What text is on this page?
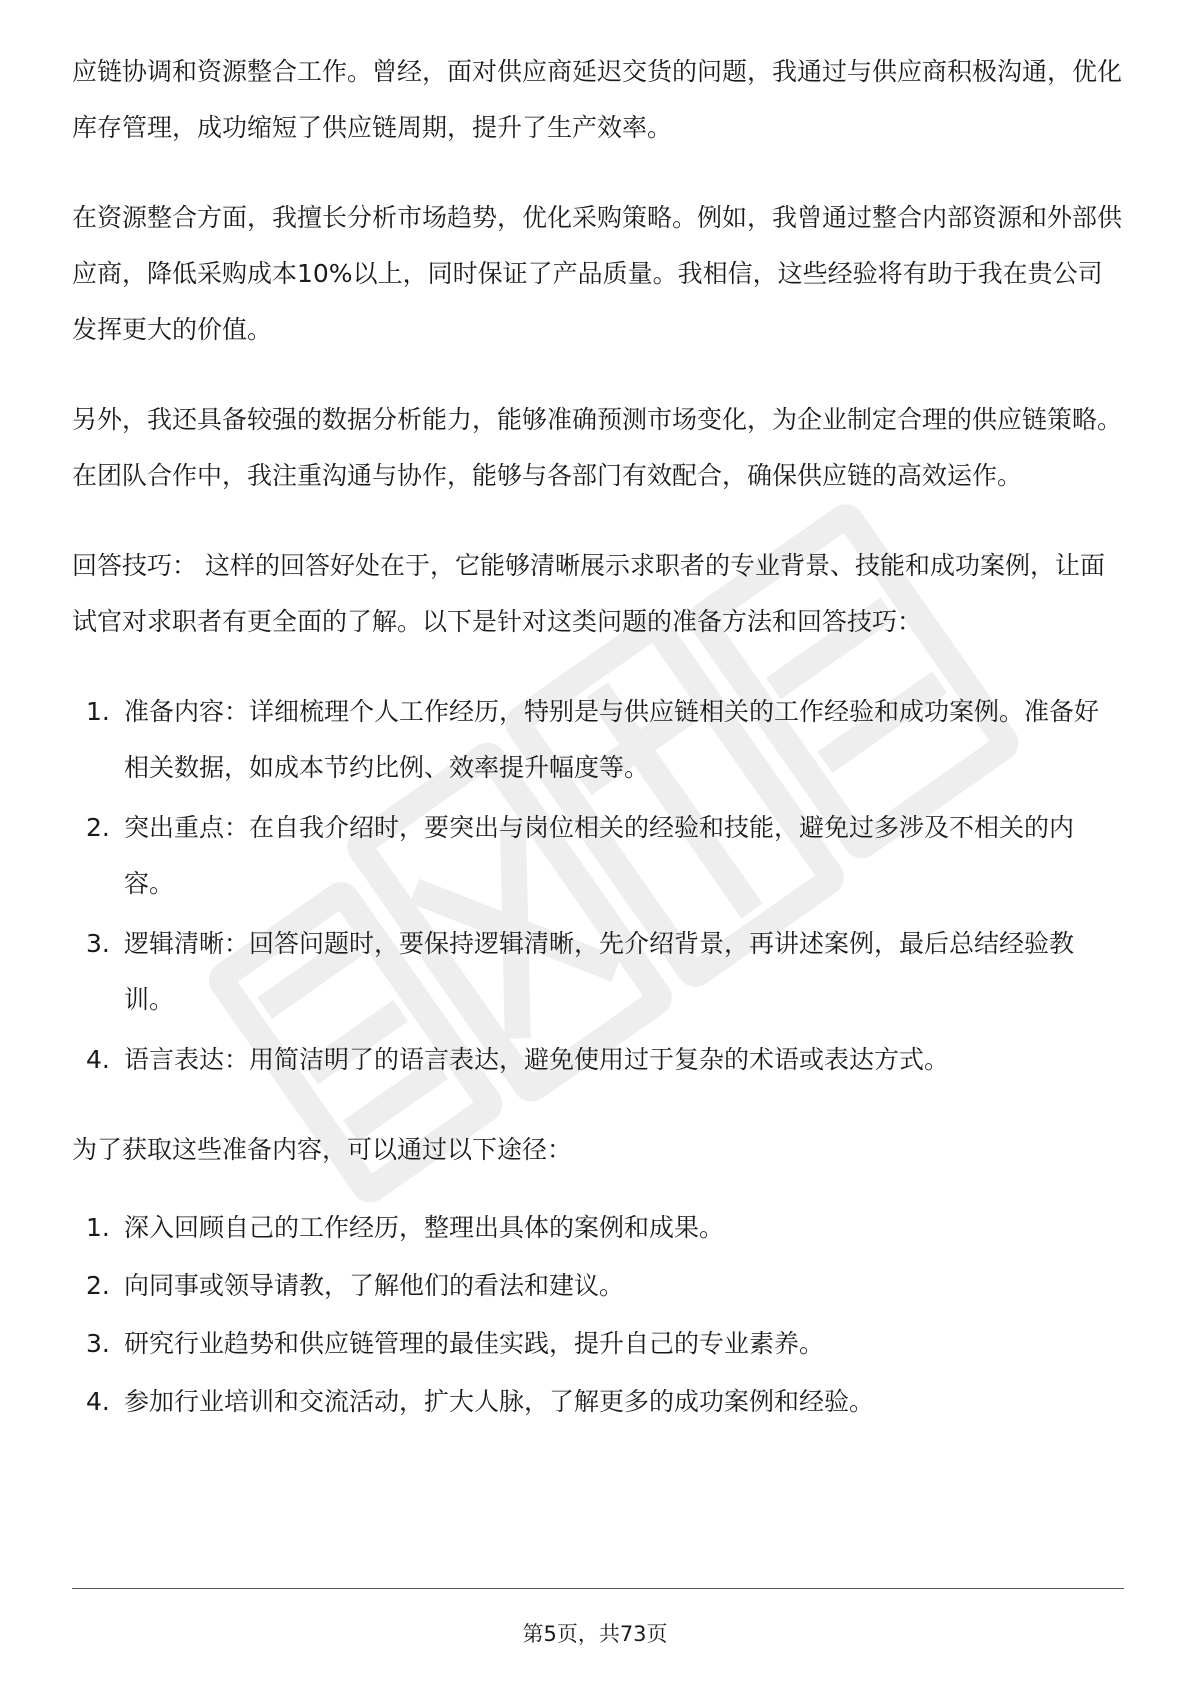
应链协调和资源整合工作。曾经，面对供应商延迟交货的问题，我通过与供应商积极沟通，优化库存管理，成功缩短了供应链周期，提升了生产效率。

在资源整合方面，我擅长分析市场趋势，优化采购策略。例如，我曾通过整合内部资源和外部供应商，降低采购成本10%以上，同时保证了产品质量。我相信，这些经验将有助于我在贵公司发挥更大的价值。

另外，我还具备较强的数据分析能力，能够准确预测市场变化，为企业制定合理的供应链策略。在团队合作中，我注重沟通与协作，能够与各部门有效配合，确保供应链的高效运作。

回答技巧： 这样的回答好处在于，它能够清晰展示求职者的专业背景、技能和成功案例，让面试官对求职者有更全面的了解。以下是针对这类问题的准备方法和回答技巧：

1. 准备内容：详细梳理个人工作经历，特别是与供应链相关的工作经验和成功案例。准备好相关数据，如成本节约比例、效率提升幅度等。
2. 突出重点：在自我介绍时，要突出与岗位相关的经验和技能，避免过多涉及不相关的内容。
3. 逻辑清晰：回答问题时，要保持逻辑清晰，先介绍背景，再讲述案例，最后总结经验教训。
4. 语言表达：用简洁明了的语言表达，避免使用过于复杂的术语或表达方式。

为了获取这些准备内容，可以通过以下途径：

1. 深入回顾自己的工作经历，整理出具体的案例和成果。
2. 向同事或领导请教，了解他们的看法和建议。
3. 研究行业趋势和供应链管理的最佳实践，提升自己的专业素养。
4. 参加行业培训和交流活动，扩大人脉，了解更多的成功案例和经验。
第5页，共73页
